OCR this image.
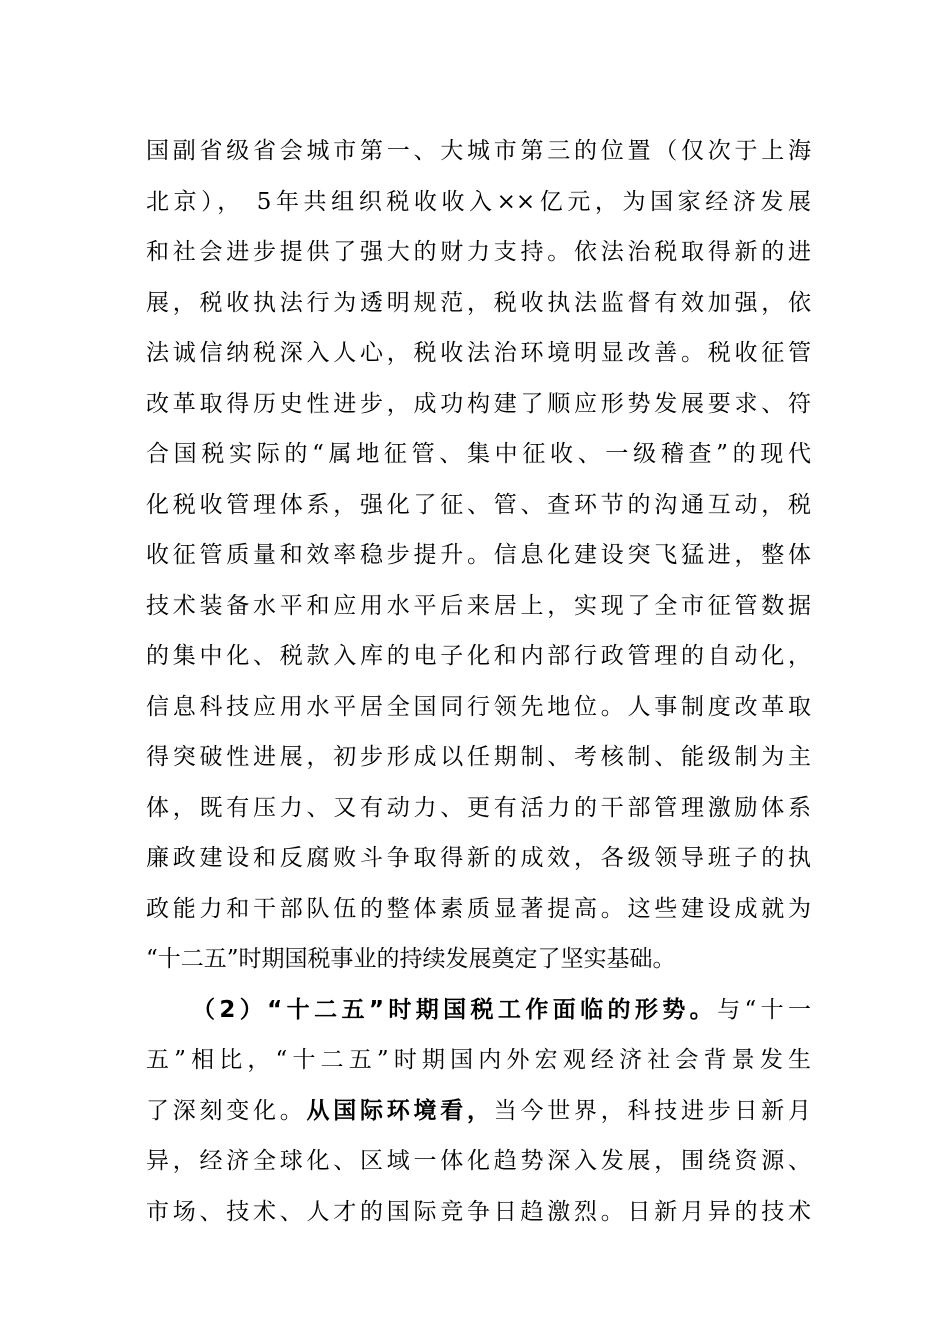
国副省级省会城市第一、大城市第三的位置（仅次于上海
北京）， 5年共组织税收收入××亿元，为国家经济发展
和社会进步提供了强大的财力支持。依法治税取得新的进
展，税收执法行为透明规范，税收执法监督有效加强，依
法诚信纳税深入人心，税收法治环境明显改善。税收征管
改革取得历史性进步，成功构建了顺应形势发展要求、符
合国税实际的“属地征管、集中征收、一级稽查”的现代
化税收管理体系，强化了征、管、查环节的沟通互动，税
收征管质量和效率稳步提升。信息化建设突飞猛进，整体
技术装备水平和应用水平后来居上，实现了全市征管数据
的集中化、税款入库的电子化和内部行政管理的自动化，
信息科技应用水平居全国同行领先地位。人事制度改革取
得突破性进展，初步形成以任期制、考核制、能级制为主
体，既有压力、又有动力、更有活力的干部管理激励体系
廉政建设和反腐败斗争取得新的成效，各级领导班子的执
政能力和干部队伍的整体素质显著提高。这些建设成就为
“十二五”时期国税事业的持续发展奠定了坚实基础。
（2）“十二五”时期国税工作面临的形势。与“十一
五”相比，“十二五”时期国内外宏观经济社会背景发生
了深刻变化。从国际环境看，当今世界，科技进步日新月
异，经济全球化、区域一体化趋势深入发展，围绕资源、
市场、技术、人才的国际竞争日趋激烈。日新月异的技术
